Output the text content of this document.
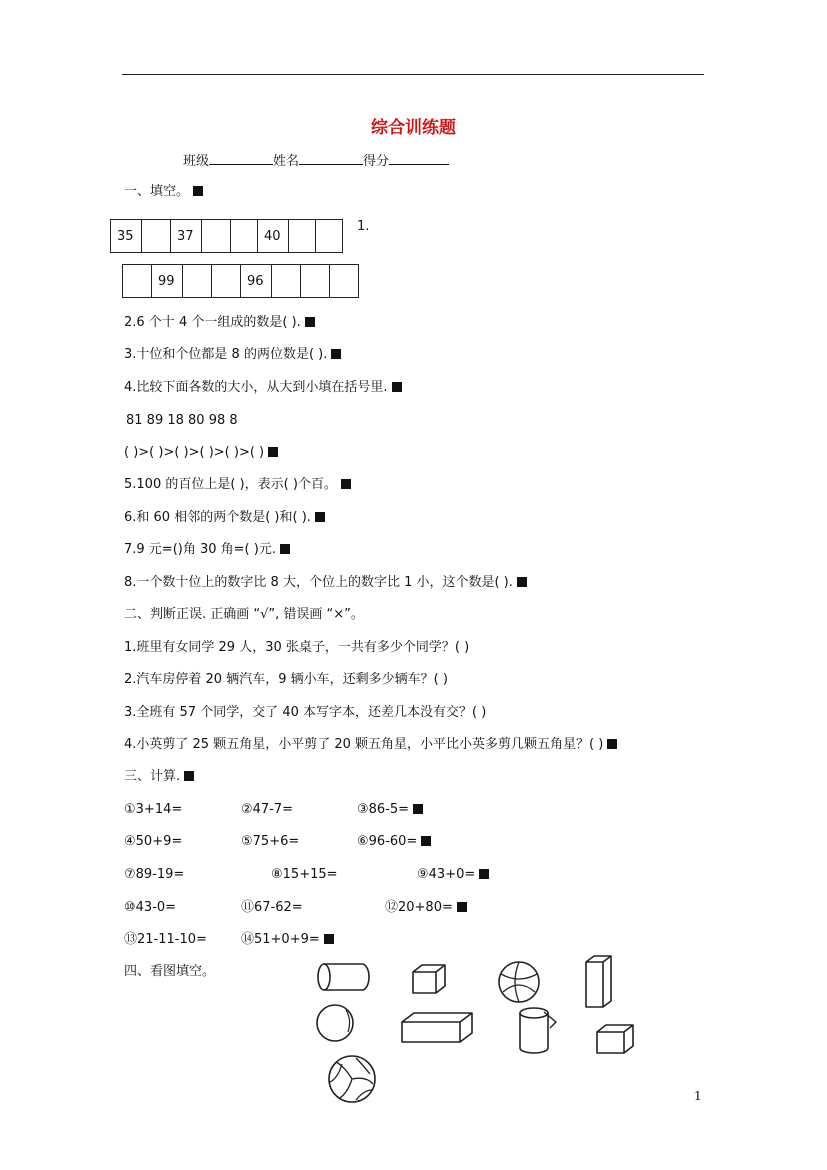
综合训练题
班级	姓名	得分
一、填空。
35		37			40		
1.
	99			96			
2.6 个十 4 个一组成的数是( ).
3.十位和个位都是 8 的两位数是( ).
4.比较下面各数的大小，从大到小填在括号里.
81 89 18 80 98 8
( )>( )>( )>( )>( )>( )
5.100 的百位上是( )，表示( )个百。
6.和 60 相邻的两个数是( )和( ).
7.9 元=()角 30 角=( )元.
8.一个数十位上的数字比 8 大，个位上的数字比 1 小，这个数是( ).
二、判断正误. 正确画 “√”, 错误画 “×”。
1.班里有女同学 29 人，30 张桌子，一共有多少个同学？( )
2.汽车房停着 20 辆汽车，9 辆小车，还剩多少辆车？( )
3.全班有 57 个同学，交了 40 本写字本，还差几本没有交？( )
4.小英剪了 25 颗五角星，小平剪了 20 颗五角星，小平比小英多剪几颗五角星？( )
三、计算.
①3+14=	②47-7=	③86-5=
④50+9=	⑤75+6=	⑥96-60=
⑦89-19=	⑧15+15=	⑨43+0=
⑩43-0=	⑪67-62=	⑫20+80=
⑬21-11-10=	⑭51+0+9=
四、看图填空。
1
